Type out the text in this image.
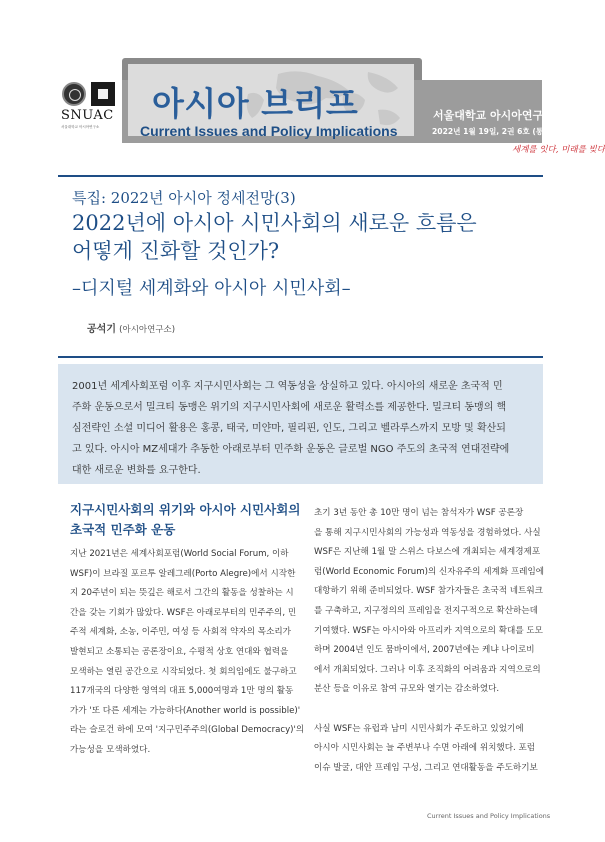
SNUAC
서울대학교 아시아연구소
아시아 브리프
Current Issues and Policy Implications
서울대학교 아시아연구소
2022년 1월 19일, 2권 6호 (통권 45호)
세계를 잇다, 미래를 빚다
특집: 2022년 아시아 정세전망(3)
2022년에 아시아 시민사회의 새로운 흐름은
어떻게 진화할 것인가?
–디지털 세계화와 아시아 시민사회–
공석기 (아시아연구소)
2001년 세계사회포럼 이후 지구시민사회는 그 역동성을 상실하고 있다. 아시아의 새로운 초국적 민
주화 운동으로서 밀크티 동맹은 위기의 지구시민사회에 새로운 활력소를 제공한다. 밀크티 동맹의 핵
심전략인 소셜 미디어 활용은 홍콩, 태국, 미얀마, 필리핀, 인도, 그리고 벨라루스까지 모방 및 확산되
고 있다. 아시아 MZ세대가 추동한 아래로부터 민주화 운동은 글로벌 NGO 주도의 초국적 연대전략에
대한 새로운 변화를 요구한다.
지구시민사회의 위기와 아시아 시민사회의
초국적 민주화 운동
지난 2021년은 세계사회포럼(World Social Forum, 이하
WSF)이 브라질 포르투 알레그레(Porto Alegre)에서 시작한
지 20주년이 되는 뜻깊은 해로서 그간의 활동을 성찰하는 시
간을 갖는 기회가 많았다. WSF은 아래로부터의 민주주의, 민
주적 세계화, 소농, 이주민, 여성 등 사회적 약자의 목소리가
발현되고 소통되는 공론장이요, 수평적 상호 연대와 협력을
모색하는 열린 공간으로 시작되었다. 첫 회의임에도 불구하고
117개국의 다양한 영역의 대표 5,000여명과 1만 명의 활동
가가 '또 다른 세계는 가능하다(Another world is possible)'
라는 슬로건 하에 모여 '지구민주주의(Global Democracy)'의
가능성을 모색하였다.
초기 3년 동안 총 10만 명이 넘는 참석자가 WSF 공론장
을 통해 지구시민사회의 가능성과 역동성을 경험하였다. 사실
WSF은 지난해 1월 말 스위스 다보스에 개최되는 세계경제포
럼(World Economic Forum)의 신자유주의 세계화 프레임에
대항하기 위해 준비되었다. WSF 참가자들은 초국적 네트워크
를 구축하고, 지구정의의 프레임을 전지구적으로 확산하는데
기여했다. WSF는 아시아와 아프리카 지역으로의 확대를 도모
하며 2004년 인도 뭄바이에서, 2007년에는 케냐 나이로비
에서 개최되었다. 그러나 이후 조직화의 어려움과 지역으로의
분산 등을 이유로 참여 규모와 열기는 감소하였다.

사실 WSF는 유럽과 남미 시민사회가 주도하고 있었기에
아시아 시민사회는 늘 주변부나 수면 아래에 위치했다. 포럼
이슈 발굴, 대안 프레임 구성, 그리고 연대활동을 주도하기보
Current Issues and Policy Implications
